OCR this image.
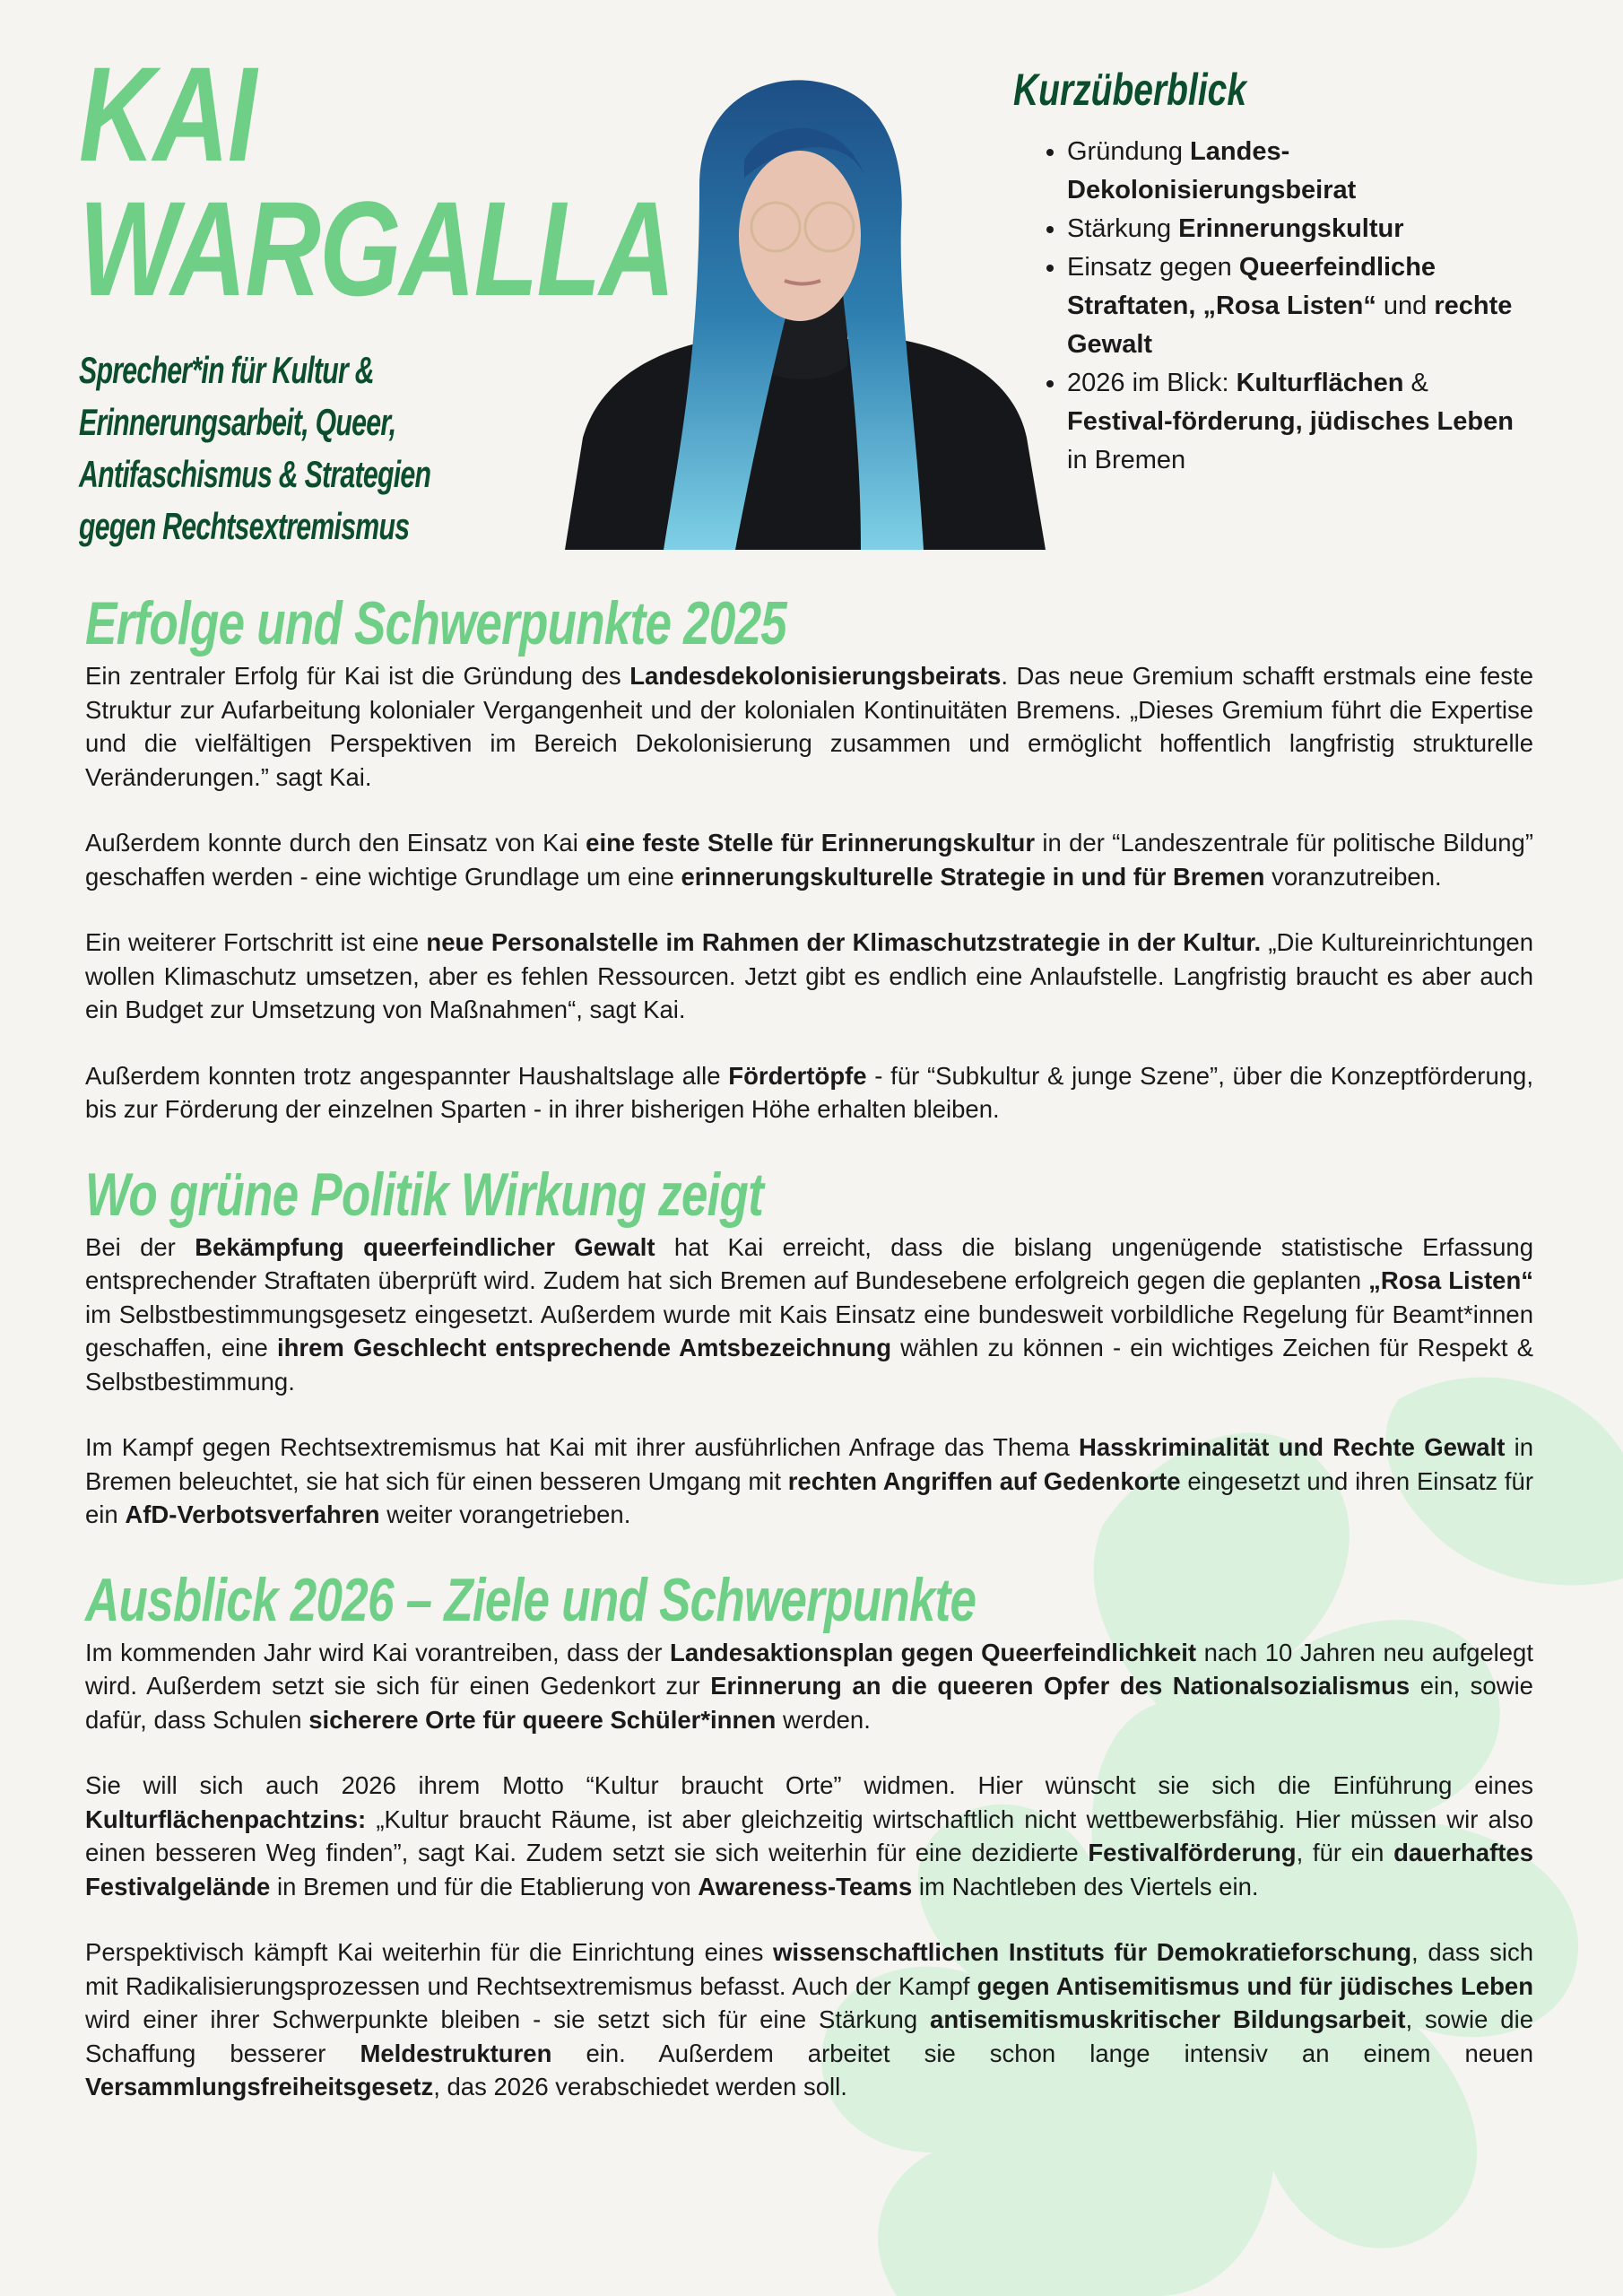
KAI
WARGALLA
Sprecher*in für Kultur &
Erinnerungsarbeit, Queer,
Antifaschismus & Strategien
gegen Rechtsextremismus
Kurzüberblick
• Gründung Landes-Dekolonisierungsbeirat
• Stärkung Erinnerungskultur
• Einsatz gegen Queerfeindliche Straftaten, „Rosa Listen“ und rechte Gewalt
• 2026 im Blick: Kulturflächen & Festival-förderung, jüdisches Leben in Bremen
Erfolge und Schwerpunkte 2025

Ein zentraler Erfolg für Kai ist die Gründung des Landesdekolonisierungsbeirats. Das neue Gremium schafft erstmals eine feste Struktur zur Aufarbeitung kolonialer Vergangenheit und der kolonialen Kontinuitäten Bremens. „Dieses Gremium führt die Expertise und die vielfältigen Perspektiven im Bereich Dekolonisierung zusammen und ermöglicht hoffentlich langfristig strukturelle Veränderungen.” sagt Kai.

Außerdem konnte durch den Einsatz von Kai eine feste Stelle für Erinnerungskultur in der “Landeszentrale für politische Bildung” geschaffen werden - eine wichtige Grundlage um eine erinnerungskulturelle Strategie in und für Bremen voranzutreiben.

Ein weiterer Fortschritt ist eine neue Personalstelle im Rahmen der Klimaschutzstrategie in der Kultur. „Die Kultureinrichtungen wollen Klimaschutz umsetzen, aber es fehlen Ressourcen. Jetzt gibt es endlich eine Anlaufstelle. Langfristig braucht es aber auch ein Budget zur Umsetzung von Maßnahmen“, sagt Kai.

Außerdem konnten trotz angespannter Haushaltslage alle Fördertöpfe - für “Subkultur & junge Szene”, über die Konzeptförderung, bis zur Förderung der einzelnen Sparten - in ihrer bisherigen Höhe erhalten bleiben.

Wo grüne Politik Wirkung zeigt

Bei der Bekämpfung queerfeindlicher Gewalt hat Kai erreicht, dass die bislang ungenügende statistische Erfassung entsprechender Straftaten überprüft wird. Zudem hat sich Bremen auf Bundesebene erfolgreich gegen die geplanten „Rosa Listen“ im Selbstbestimmungsgesetz eingesetzt. Außerdem wurde mit Kais Einsatz eine bundesweit vorbildliche Regelung für Beamt*innen geschaffen, eine ihrem Geschlecht entsprechende Amtsbezeichnung wählen zu können - ein wichtiges Zeichen für Respekt & Selbstbestimmung.

Im Kampf gegen Rechtsextremismus hat Kai mit ihrer ausführlichen Anfrage das Thema Hasskriminalität und Rechte Gewalt in Bremen beleuchtet, sie hat sich für einen besseren Umgang mit rechten Angriffen auf Gedenkorte eingesetzt und ihren Einsatz für ein AfD-Verbotsverfahren weiter vorangetrieben.

Ausblick 2026 – Ziele und Schwerpunkte

Im kommenden Jahr wird Kai vorantreiben, dass der Landesaktionsplan gegen Queerfeindlichkeit nach 10 Jahren neu aufgelegt wird. Außerdem setzt sie sich für einen Gedenkort zur Erinnerung an die queeren Opfer des Nationalsozialismus ein, sowie dafür, dass Schulen sicherere Orte für queere Schüler*innen werden.

Sie will sich auch 2026 ihrem Motto “Kultur braucht Orte” widmen. Hier wünscht sie sich die Einführung eines Kulturflächenpachtzins: „Kultur braucht Räume, ist aber gleichzeitig wirtschaftlich nicht wettbewerbsfähig. Hier müssen wir also einen besseren Weg finden”, sagt Kai. Zudem setzt sie sich weiterhin für eine dezidierte Festivalförderung, für ein dauerhaftes Festivalgelände in Bremen und für die Etablierung von Awareness-Teams im Nachtleben des Viertels ein.

Perspektivisch kämpft Kai weiterhin für die Einrichtung eines wissenschaftlichen Instituts für Demokratieforschung, dass sich mit Radikalisierungsprozessen und Rechtsextremismus befasst. Auch der Kampf gegen Antisemitismus und für jüdisches Leben wird einer ihrer Schwerpunkte bleiben - sie setzt sich für eine Stärkung antisemitismuskritischer Bildungsarbeit, sowie die Schaffung besserer Meldestrukturen ein. Außerdem arbeitet sie schon lange intensiv an einem neuen Versammlungsfreiheitsgesetz, das 2026 verabschiedet werden soll.
